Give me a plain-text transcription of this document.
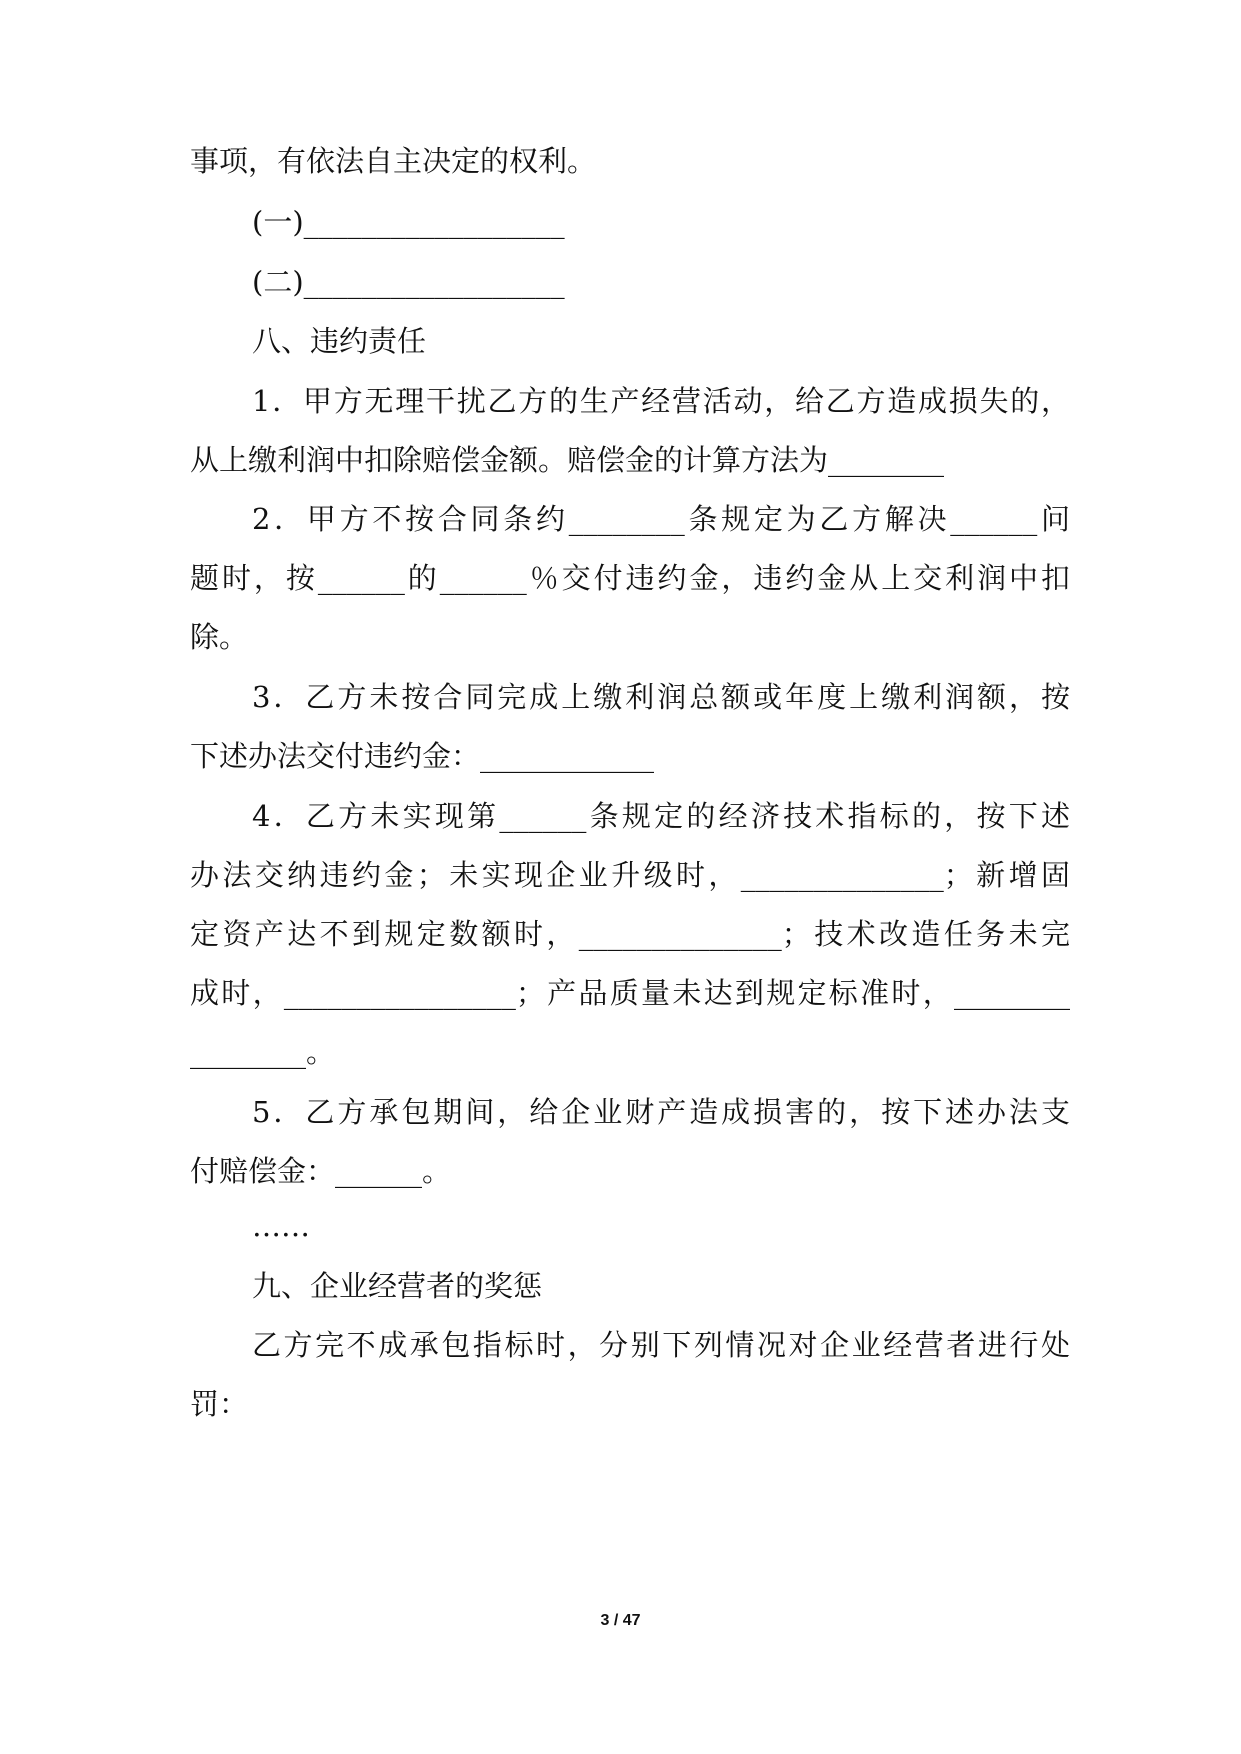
事项，有依法自主决定的权利。
(一)__________________
(二)__________________
八、违约责任
1．甲方无理干扰乙方的生产经营活动，给乙方造成损失的，
从上缴利润中扣除赔偿金额。赔偿金的计算方法为________
2．甲方不按合同条约________条规定为乙方解决______问
题时，按______的______％交付违约金，违约金从上交利润中扣
除。
3．乙方未按合同完成上缴利润总额或年度上缴利润额，按
下述办法交付违约金：____________
4．乙方未实现第______条规定的经济技术指标的，按下述
办法交纳违约金；未实现企业升级时，______________；新增固
定资产达不到规定数额时，______________；技术改造任务未完
成时，________________；产品质量未达到规定标准时，________
________。
5．乙方承包期间，给企业财产造成损害的，按下述办法支
付赔偿金：______。
……
九、企业经营者的奖惩
乙方完不成承包指标时，分别下列情况对企业经营者进行处
罚：
3 / 47
